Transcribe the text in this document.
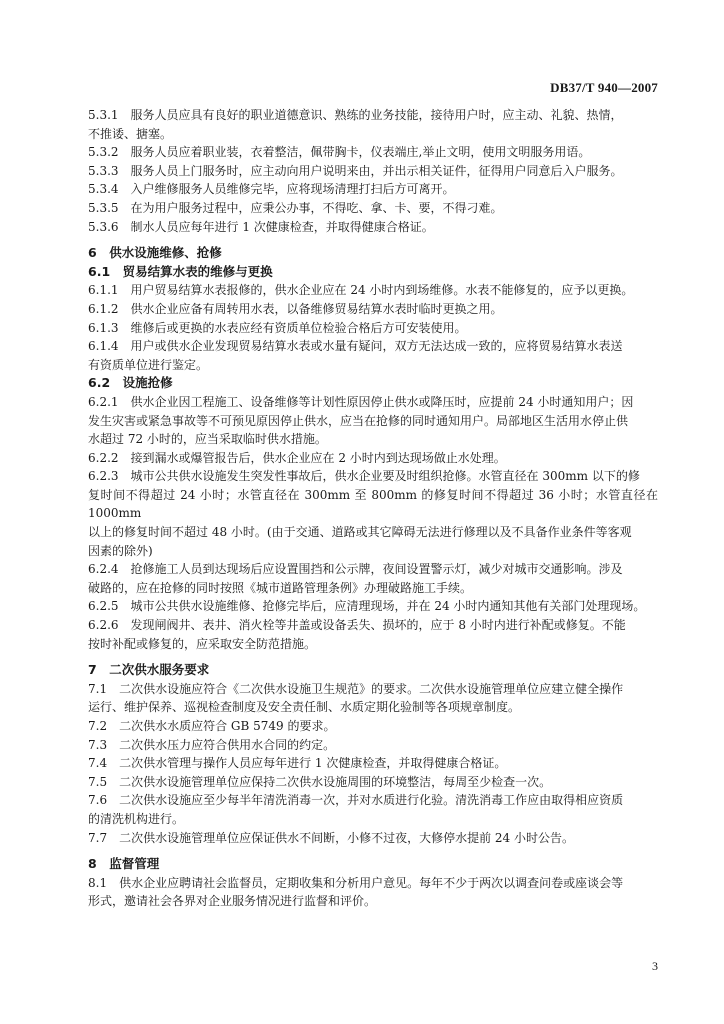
DB37/T 940—2007

5.3.1　服务人员应具有良好的职业道德意识、熟练的业务技能，接待用户时，应主动、礼貌、热情，

不推诿、搪塞。

5.3.2　服务人员应着职业装，衣着整洁，佩带胸卡，仪表端庄,举止文明，使用文明服务用语。

5.3.3　服务人员上门服务时，应主动向用户说明来由，并出示相关证件，征得用户同意后入户服务。

5.3.4　入户维修服务人员维修完毕，应将现场清理打扫后方可离开。

5.3.5　在为用户服务过程中，应秉公办事，不得吃、拿、卡、要，不得刁难。

5.3.6　制水人员应每年进行 1 次健康检查，并取得健康合格证。

6　供水设施维修、抢修

6.1　贸易结算水表的维修与更换

6.1.1　用户贸易结算水表报修的，供水企业应在 24 小时内到场维修。水表不能修复的，应予以更换。

6.1.2　供水企业应备有周转用水表，以备维修贸易结算水表时临时更换之用。

6.1.3　维修后或更换的水表应经有资质单位检验合格后方可安装使用。

6.1.4　用户或供水企业发现贸易结算水表或水量有疑问，双方无法达成一致的，应将贸易结算水表送

有资质单位进行鉴定。

6.2　设施抢修

6.2.1　供水企业因工程施工、设备维修等计划性原因停止供水或降压时，应提前 24 小时通知用户；因

发生灾害或紧急事故等不可预见原因停止供水，应当在抢修的同时通知用户。局部地区生活用水停止供

水超过 72 小时的，应当采取临时供水措施。

6.2.2　接到漏水或爆管报告后，供水企业应在 2 小时内到达现场做止水处理。

6.2.3　城市公共供水设施发生突发性事故后，供水企业要及时组织抢修。水管直径在 300mm 以下的修

复时间不得超过 24 小时；水管直径在 300mm 至 800mm 的修复时间不得超过 36 小时；水管直径在 1000mm

以上的修复时间不超过 48 小时。(由于交通、道路或其它障碍无法进行修理以及不具备作业条件等客观

因素的除外)

6.2.4　抢修施工人员到达现场后应设置围挡和公示牌，夜间设置警示灯，减少对城市交通影响。涉及

破路的，应在抢修的同时按照《城市道路管理条例》办理破路施工手续。

6.2.5　城市公共供水设施维修、抢修完毕后，应清理现场，并在 24 小时内通知其他有关部门处理现场。

6.2.6　发现闸阀井、表井、消火栓等井盖或设备丢失、损坏的，应于 8 小时内进行补配或修复。不能

按时补配或修复的，应采取安全防范措施。

7　二次供水服务要求

7.1　二次供水设施应符合《二次供水设施卫生规范》的要求。二次供水设施管理单位应建立健全操作

运行、维护保养、巡视检查制度及安全责任制、水质定期化验制等各项规章制度。

7.2　二次供水水质应符合 GB 5749 的要求。

7.3　二次供水压力应符合供用水合同的约定。

7.4　二次供水管理与操作人员应每年进行 1 次健康检查，并取得健康合格证。

7.5　二次供水设施管理单位应保持二次供水设施周围的环境整洁，每周至少检查一次。

7.6　二次供水设施应至少每半年清洗消毒一次，并对水质进行化验。清洗消毒工作应由取得相应资质

的清洗机构进行。

7.7　二次供水设施管理单位应保证供水不间断，小修不过夜，大修停水提前 24 小时公告。

8　监督管理

8.1　供水企业应聘请社会监督员，定期收集和分析用户意见。每年不少于两次以调查问卷或座谈会等

形式，邀请社会各界对企业服务情况进行监督和评价。

3
